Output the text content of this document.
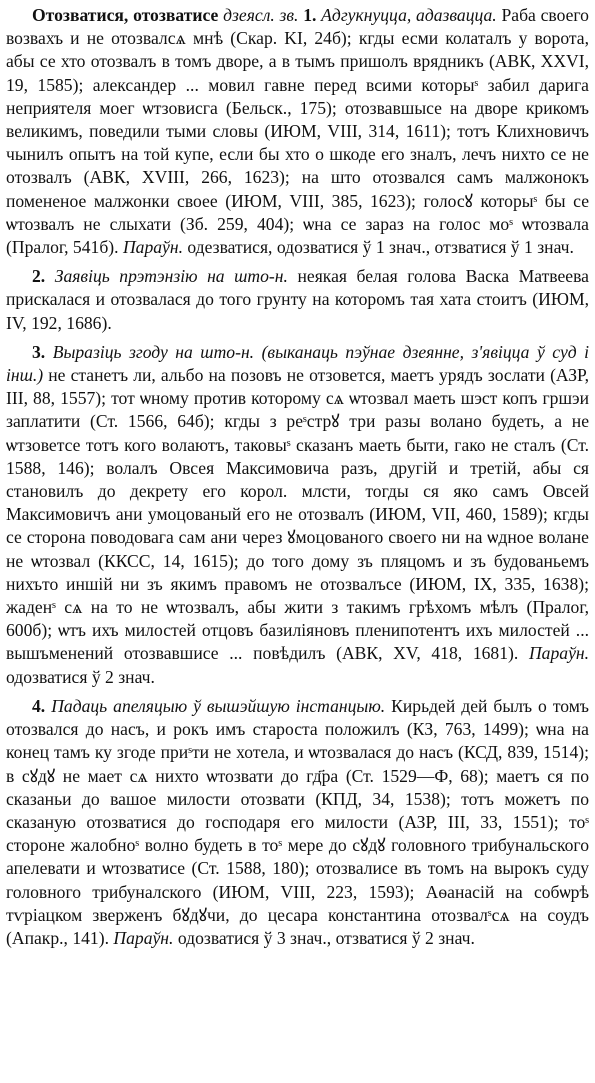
Отозватися, отозватисе дзеясл. зв. 1. Адгукнуцца, адазвацца. Раба своего возвахъ и не отозвалсѧ мнѣ (Скар. KI, 24б); кгды есми колаталъ у ворота, абы се хто отозвалъ в томъ дворе, а в тымъ пришолъ врядникъ (АВК, XXVI, 19, 1585); александер ... мовил гавне перед всими которыˢ забил дарига неприятеля моег ѡтзовисга (Бельск., 175); отозвавшысе на дворе крикомъ великимъ, поведили тыми словы (ИЮМ, VIII, 314, 1611); тотъ Клихновичъ чынилъ опытъ на той купе, если бы хто о шкоде его зналъ, лечъ нихто се не отозвалъ (АВК, XVIII, 266, 1623); на што отозвался самъ малжонокъ помененое малжонки своее (ИЮМ, VIII, 385, 1623); голосꙋ которыˢ бы се ѡтозвалъ не слыхати (Зб. 259, 404); ѡна се зараз на голос моˢ ѡтозвала (Пралог, 541б). Параўн. одезватися, одозватися ў 1 знач., отзватися ў 1 знач.

2. Заявіць прэтэнзію на што-н. неякая белая голова Васка Матвеева прискалася и отозвалася до того грунту на которомъ тая хата стоитъ (ИЮМ, IV, 192, 1686).

3. Выразіць згоду на што-н. (выканаць пэўнае дзеянне, з'явіцца ў суд і інш.) не станетъ ли, альбо на позовъ не отзовется, маетъ урядъ зослати (АЗР, III, 88, 1557); тот ѡному против которому сѧ ѡтозвал маеть шэст копъ гршэи заплатити (Ст. 1566, 64б); кгды з реˢстрꙋ три разы волано будеть, а не ѡтзоветсе тотъ кого волаютъ, таковыˢ сказанъ маеть быти, гако не сталъ (Ст. 1588, 146); волалъ Овсея Максимовича разъ, другій и третій, абы ся становилъ до декрету его корол. млсти, тогды ся яко самъ Овсей Максимовичъ ани умоцованый его не отозвалъ (ИЮМ, VII, 460, 1589); кгды се сторона поводовага сам ани через ꙋмоцованого своего ни на ѡдное волане не ѡтозвал (ККСС, 14, 1615); до того дому зъ пляцомъ и зъ будованьемъ нихъто иншій ни зъ якимъ правомъ не отозвалъсе (ИЮМ, IX, 335, 1638); жаденˢ сѧ на то не ѡтозвалъ, абы жити з такимъ грѣхомъ мѣлъ (Пралог, 600б); ѡтъ ихъ милостей отцовъ базиліяновъ пленипотентъ ихъ милостей ... вышъменений отозвавшисе ... повѣдилъ (АВК, XV, 418, 1681). Параўн. одозватися ў 2 знач.

4. Падаць апеляцыю ў вышэйшую інстанцыю. Кирьдей дей былъ о томъ отозвался до насъ, и рокъ имъ староста положилъ (КЗ, 763, 1499); ѡна на конец тамъ ку згоде приˢти не хотела, и ѡтозвалася до насъ (КСД, 839, 1514); в сꙋдꙋ не мает сѧ нихто ѡтозвати до гд҃ра (Ст. 1529—Ф, 68); маетъ ся по сказаньи до вашое милости отозвати (КПД, 34, 1538); тотъ можетъ по сказаную отозватися до господаря его милости (АЗР, III, 33, 1551); тоˢ стороне жалобноˢ волно будеть в тоˢ мере до сꙋдꙋ головного трибунальского апелевати и ѡтозватисе (Ст. 1588, 180); отозвалисе въ томъ на вырокъ суду головного трибуналского (ИЮМ, VIII, 223, 1593); Аѳанасій на собѡрѣ тѵріацком зверженъ бꙋдꙋчи, до цесара константина отозвалˢсѧ на соудъ (Апакр., 141). Параўн. одозватися ў 3 знач., отзватися ў 2 знач.
